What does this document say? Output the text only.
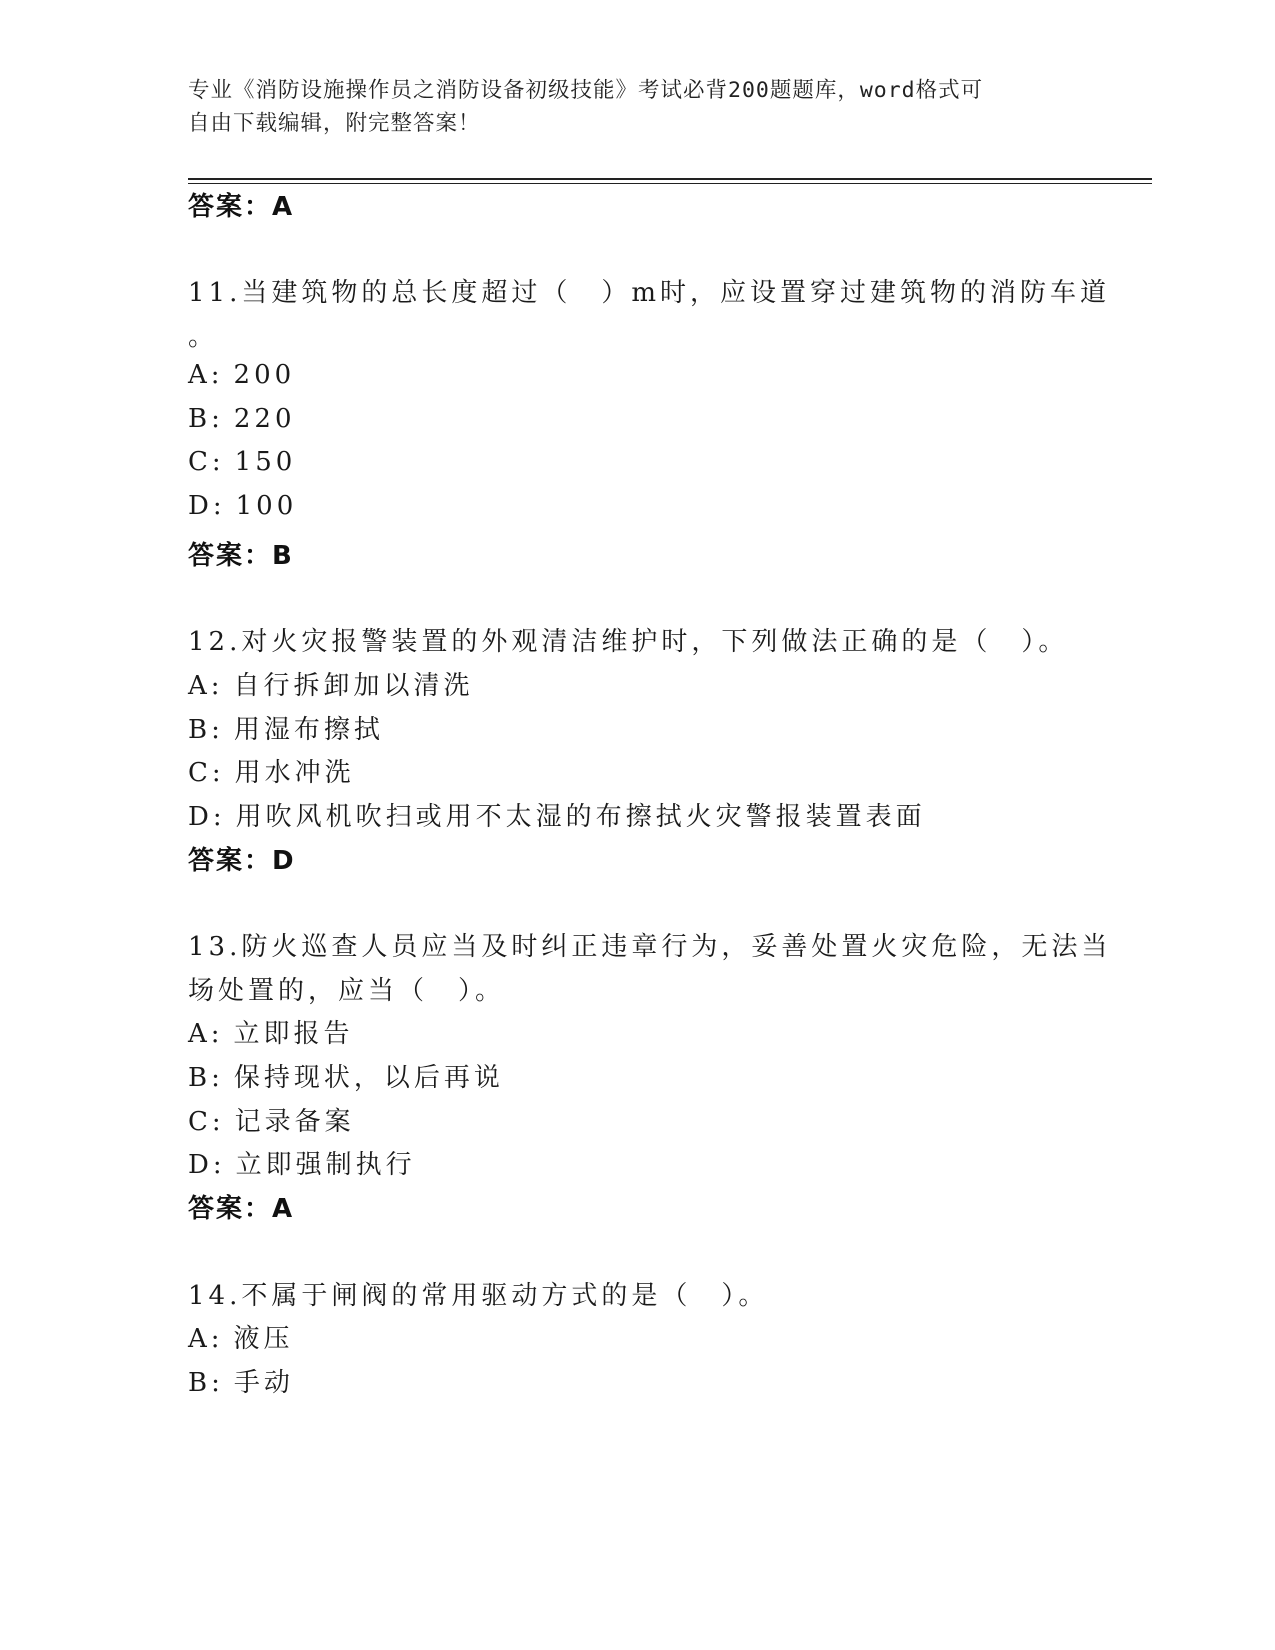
专业《消防设施操作员之消防设备初级技能》考试必背200题题库，word格式可
自由下载编辑，附完整答案！
答案：A
11.当建筑物的总长度超过（　）m时，应设置穿过建筑物的消防车道
。
A: 200
B: 220
C: 150
D: 100
答案：B
12.对火灾报警装置的外观清洁维护时，下列做法正确的是（　）。
A: 自行拆卸加以清洗
B: 用湿布擦拭
C: 用水冲洗
D: 用吹风机吹扫或用不太湿的布擦拭火灾警报装置表面
答案：D
13.防火巡查人员应当及时纠正违章行为，妥善处置火灾危险，无法当
场处置的，应当（　）。
A: 立即报告
B: 保持现状，以后再说
C: 记录备案
D: 立即强制执行
答案：A
14.不属于闸阀的常用驱动方式的是（　）。
A: 液压
B: 手动
